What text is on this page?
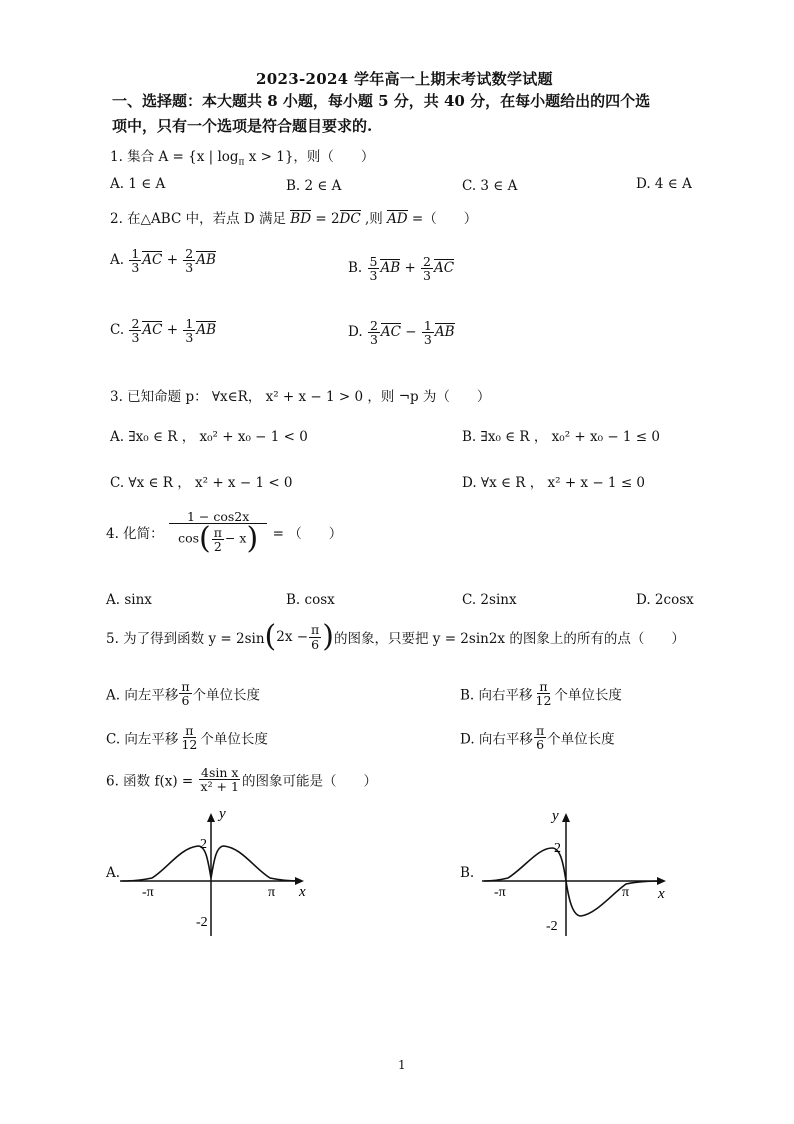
2023-2024 学年高一上期末考试数学试题
一、选择题：本大题共 8 小题，每小题 5 分，共 40 分，在每小题给出的四个选
项中，只有一个选项是符合题目要求的.
1. 集合 A = {x | $\log_\pi x > 1$}，则（　　）
A. 1 ∈ A	B. 2 ∈ A	C. 3 ∈ A	D. 4 ∈ A
2. 在△ABC 中，若点 D 满足 BD = 2DC ,则 AD =（　　）
A. $\frac{1}{3}$ AC + $\frac{2}{3}$ AB	B. $\frac{5}{3}$ AB + $\frac{2}{3}$ AC
C. $\frac{2}{3}$ AC + $\frac{1}{3}$ AB	D. $\frac{2}{3}$ AC − $\frac{1}{3}$ AB
3. 已知命题 p： ∀x∈R， x² + x − 1 > 0 ，则 ¬p 为（　　）
A. ∃x₀ ∈ R ， x₀² + x₀ − 1 < 0	B. ∃x₀ ∈ R ， x₀² + x₀ − 1 ≤ 0
C. ∀x ∈ R ， x² + x − 1 < 0	D. ∀x ∈ R ， x² + x − 1 ≤ 0
4. 化简： $\frac{1 - \cos 2x}{\cos( \frac{\pi}{2} - x)}$ = （　　）
A. sinx	B. cosx	C. 2sinx	D. 2cosx
5. 为了得到函数 $y = 2\sin(2x - \frac{\pi}{6}$ )的图象，只要把 y = 2sin2x 的图象上的所有的点（　　）
A. 向左平移 $\frac{\pi}{6}$ 个单位长度	B. 向右平移 $\frac{\pi}{12}$ 个单位长度
C. 向左平移 $\frac{\pi}{12}$ 个单位长度	D. 向右平移 $\frac{\pi}{6}$ 个单位长度
6. 函数 $f(x) = \frac{\text{4sin x}}{\text{x² + 1}}$ 的图象可能是（　　）
A.
y
x
2
-2
-π	π
B.
y
x
2
-2
-π	π
1
